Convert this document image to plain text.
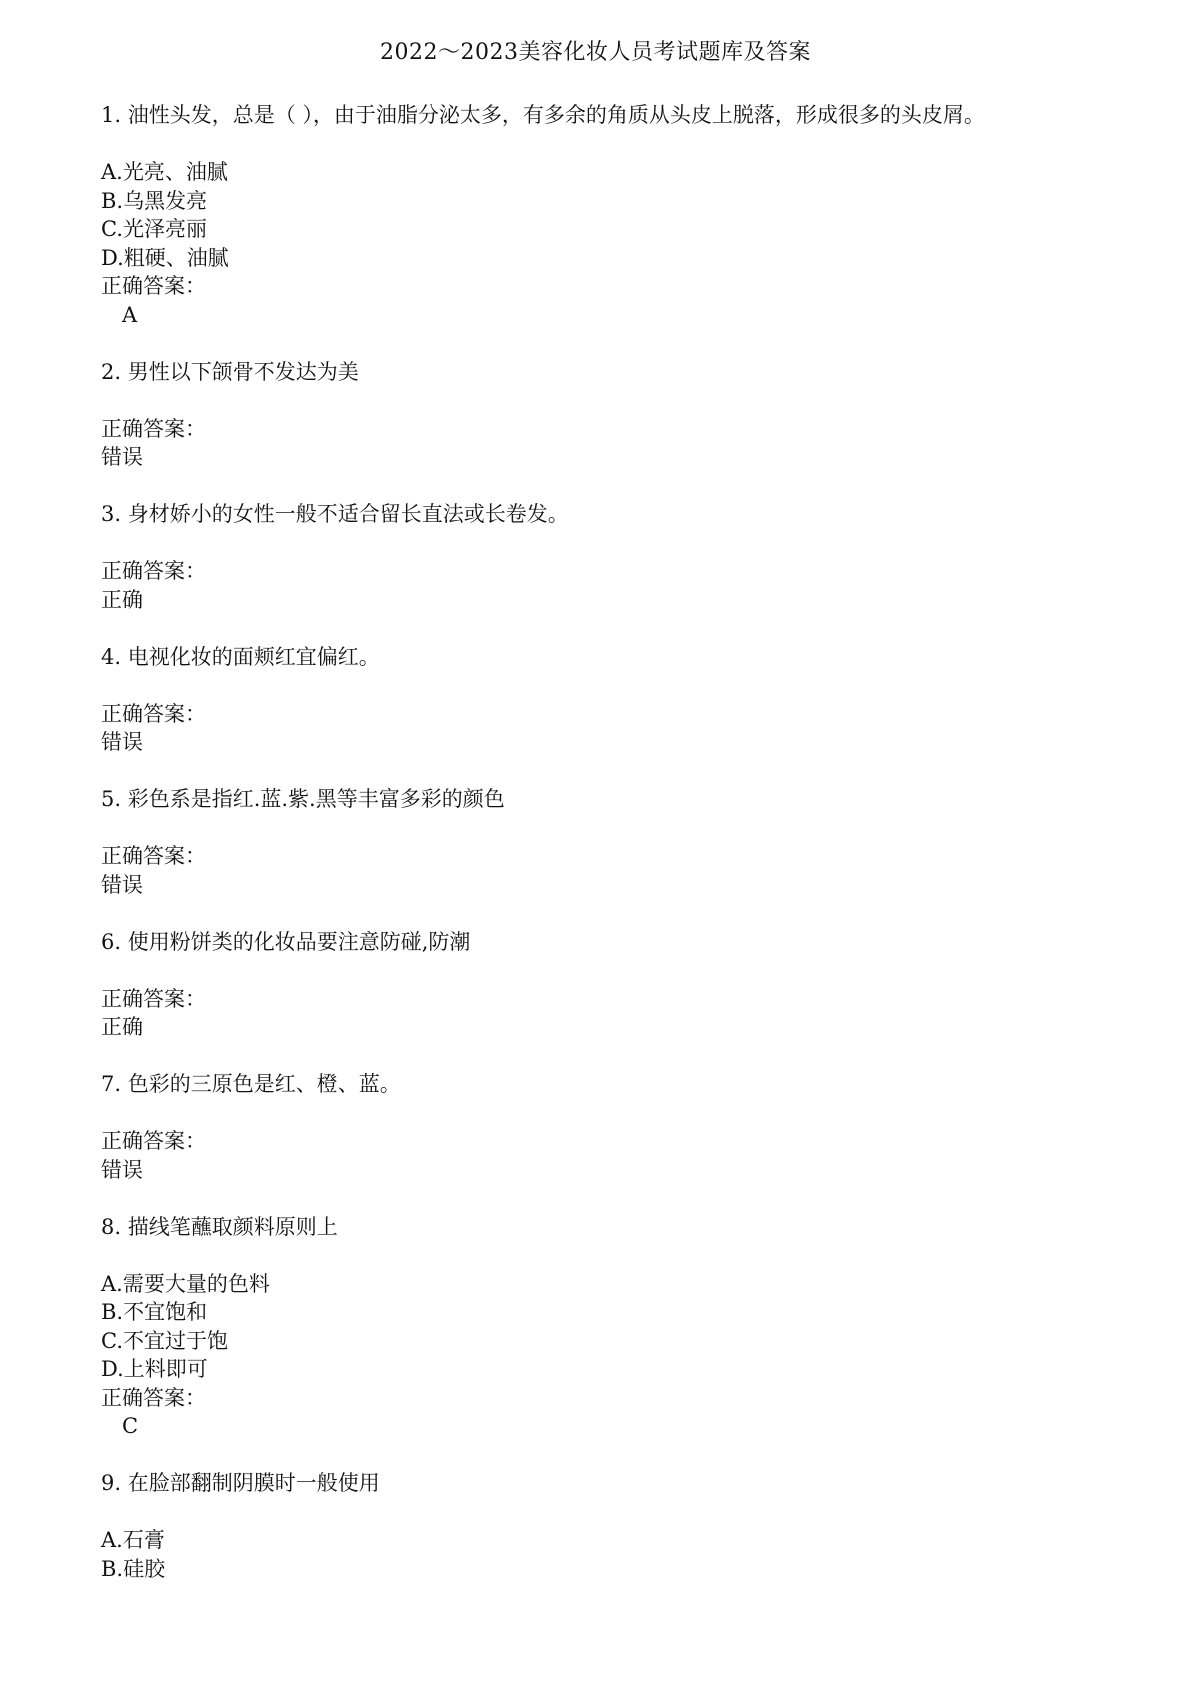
2022～2023美容化妆人员考试题库及答案
1. 油性头发，总是（ ），由于油脂分泌太多，有多余的角质从头皮上脱落，形成很多的头皮屑。
A.光亮、油腻
B.乌黑发亮
C.光泽亮丽
D.粗硬、油腻
正确答案：
A
2. 男性以下颌骨不发达为美
正确答案：
错误
3. 身材娇小的女性一般不适合留长直法或长卷发。
正确答案：
正确
4. 电视化妆的面颊红宜偏红。
正确答案：
错误
5. 彩色系是指红.蓝.紫.黑等丰富多彩的颜色
正确答案：
错误
6. 使用粉饼类的化妆品要注意防碰,防潮
正确答案：
正确
7. 色彩的三原色是红、橙、蓝。
正确答案：
错误
8. 描线笔蘸取颜料原则上
A.需要大量的色料
B.不宜饱和
C.不宜过于饱
D.上料即可
正确答案：
C
9. 在脸部翻制阴膜时一般使用
A.石膏
B.硅胶
